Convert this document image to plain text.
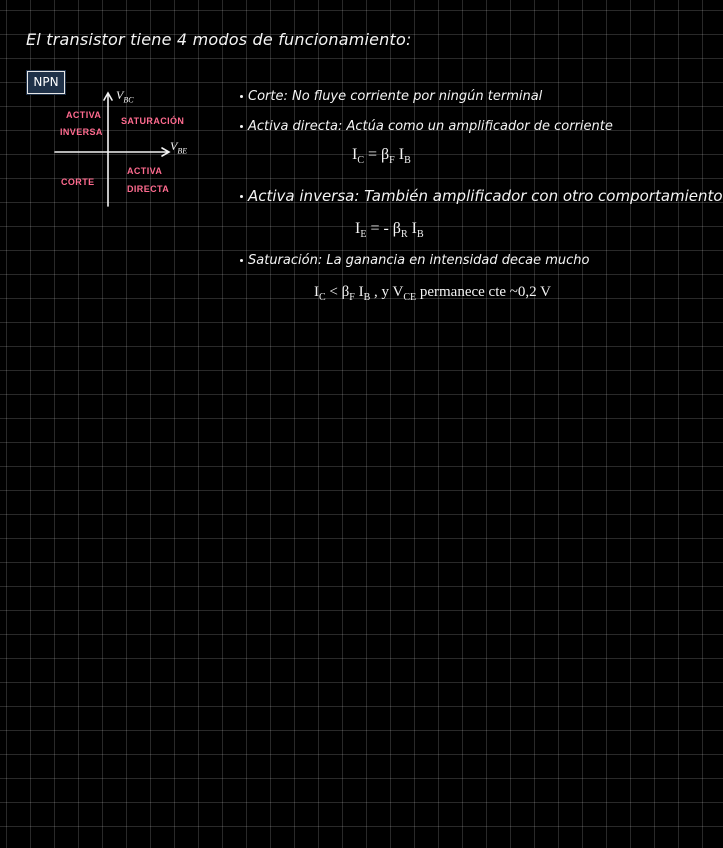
El transistor tiene 4 modos de funcionamiento:
NPN
$V_{BC}$
$V_{BE}$
ACTIVA
INVERSA
SATURACIÓN
CORTE
ACTIVA
DIRECTA
Corte: No fluye corriente por ningún terminal
Activa directa: Actúa como un amplificador de corriente
$I_C = \beta_F$ $I_B$
Activa inversa: También amplificador con otro comportamiento
$I_E$ = - $\beta_R$ $I_B$
Saturación: La ganancia en intensidad decae mucho
$I_C < \beta_F$ $I_B$ , y $V_{CE}$ permanece cte ~0,2 V
